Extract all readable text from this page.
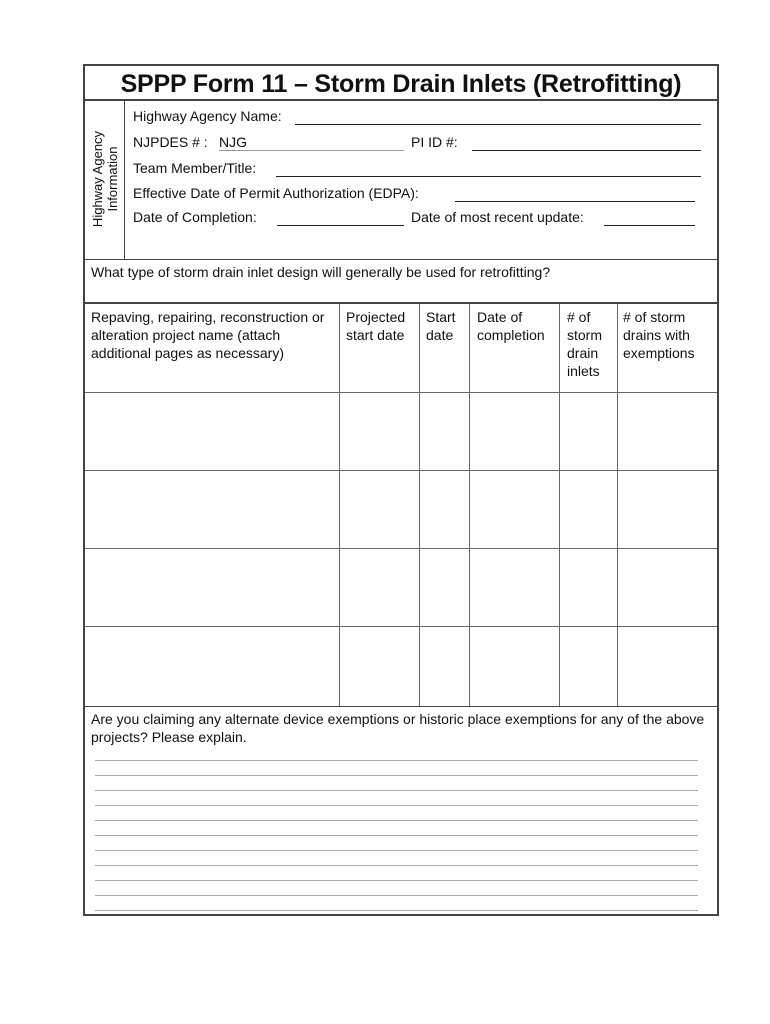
SPPP Form 11 – Storm Drain Inlets (Retrofitting)
Highway Agency Information
Highway Agency Name:
NJPDES # : NJG	PI ID #:
Team Member/Title:
Effective Date of Permit Authorization (EDPA):
Date of Completion:	Date of most recent update:
What type of storm drain inlet design will generally be used for retrofitting?
Repaving, repairing, reconstruction or alteration project name (attach additional pages as necessary)
Projected start date
Start date
Date of completion
# of storm drain inlets
# of storm drains with exemptions
Are you claiming any alternate device exemptions or historic place exemptions for any of the above projects? Please explain.
